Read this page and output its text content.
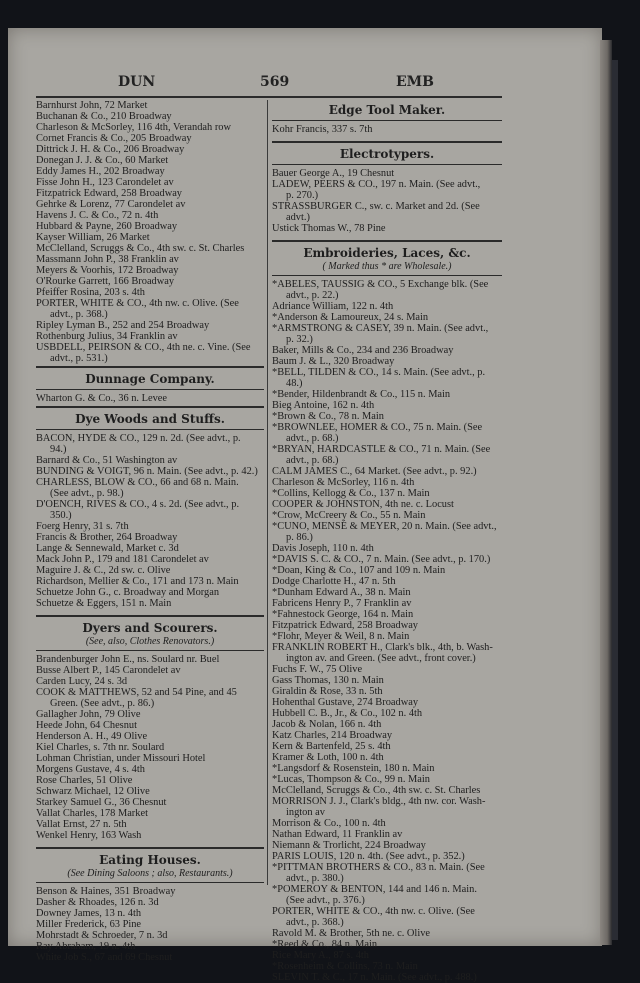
DUN	569	EMB
Barnhurst John, 72 Market
Buchanan & Co., 210 Broadway
Charleson & McSorley, 116 4th, Verandah row
Cornet Francis & Co., 205 Broadway
Dittrick J. H. & Co., 206 Broadway
Donegan J. J. & Co., 60 Market
Eddy James H., 202 Broadway
Fisse John H., 123 Carondelet av
Fitzpatrick Edward, 258 Broadway
Gehrke & Lorenz, 77 Carondelet av
Havens J. C. & Co., 72 n. 4th
Hubbard & Payne, 260 Broadway
Kayser William, 26 Market
McClelland, Scruggs & Co., 4th sw. c. St. Charles
Massmann John P., 38 Franklin av
Meyers & Voorhis, 172 Broadway
O'Rourke Garrett, 166 Broadway
Pfeiffer Rosina, 203 s. 4th
PORTER, WHITE & CO., 4th nw. c. Olive. (See
advt., p. 368.)
Ripley Lyman B., 252 and 254 Broadway
Rothenburg Julius, 34 Franklin av
USBDELL, PEIRSON & CO., 4th ne. c. Vine. (See
advt., p. 531.)
Dunnage Company.
Wharton G. & Co., 36 n. Levee
Dye Woods and Stuffs.
BACON, HYDE & CO., 129 n. 2d. (See advt., p.
94.)
Barnard & Co., 51 Washington av
BUNDING & VOIGT, 96 n. Main. (See advt., p. 42.)
CHARLESS, BLOW & CO., 66 and 68 n. Main.
(See advt., p. 98.)
D'OENCH, RIVES & CO., 4 s. 2d. (See advt., p.
350.)
Foerg Henry, 31 s. 7th
Francis & Brother, 264 Broadway
Lange & Sennewald, Market c. 3d
Mack John P., 179 and 181 Carondelet av
Maguire J. & C., 2d sw. c. Olive
Richardson, Mellier & Co., 171 and 173 n. Main
Schuetze John G., c. Broadway and Morgan
Schuetze & Eggers, 151 n. Main
Dyers and Scourers.
(See, also, Clothes Renovators.)
Brandenburger John E., ns. Soulard nr. Buel
Busse Albert P., 145 Carondelet av
Carden Lucy, 24 s. 3d
COOK & MATTHEWS, 52 and 54 Pine, and 45
Green. (See advt., p. 86.)
Gallagher John, 79 Olive
Heede John, 64 Chesnut
Henderson A. H., 49 Olive
Kiel Charles, s. 7th nr. Soulard
Lohman Christian, under Missouri Hotel
Morgens Gustave, 4 s. 4th
Rose Charles, 51 Olive
Schwarz Michael, 12 Olive
Starkey Samuel G., 36 Chesnut
Vallat Charles, 178 Market
Vallat Ernst, 27 n. 5th
Wenkel Henry, 163 Wash
Eating Houses.
(See Dining Saloons ; also, Restaurants.)
Benson & Haines, 351 Broadway
Dasher & Rhoades, 126 n. 3d
Downey James, 13 n. 4th
Miller Frederick, 63 Pine
Mohrstadt & Schroeder, 7 n. 3d
Ray Abraham, 19 n. 4th
White Job S., 67 and 69 Chesnut
Edge Tool Maker.
Kohr Francis, 337 s. 7th
Electrotypers.
Bauer George A., 19 Chesnut
LADEW, PEERS & CO., 197 n. Main. (See advt.,
p. 270.)
STRASSBURGER C., sw. c. Market and 2d. (See
advt.)
Ustick Thomas W., 78 Pine
Embroideries, Laces, &c.
( Marked thus * are Wholesale.)
*ABELES, TAUSSIG & CO., 5 Exchange blk. (See
advt., p. 22.)
Adriance William, 122 n. 4th
*Anderson & Lamoureux, 24 s. Main
*ARMSTRONG & CASEY, 39 n. Main. (See advt.,
p. 32.)
Baker, Mills & Co., 234 and 236 Broadway
Baum J. & L., 320 Broadway
*BELL, TILDEN & CO., 14 s. Main. (See advt., p.
48.)
*Bender, Hildenbrandt & Co., 115 n. Main
Bieg Antoine, 162 n. 4th
*Brown & Co., 78 n. Main
*BROWNLEE, HOMER & CO., 75 n. Main. (See
advt., p. 68.)
*BRYAN, HARDCASTLE & CO., 71 n. Main. (See
advt., p. 68.)
CALM JAMES C., 64 Market. (See advt., p. 92.)
Charleson & McSorley, 116 n. 4th
*Collins, Kellogg & Co., 137 n. Main
COOPER & JOHNSTON, 4th ne. c. Locust
*Crow, McCreery & Co., 55 n. Main
*CUNO, MENSÉ & MEYER, 20 n. Main. (See advt.,
p. 86.)
Davis Joseph, 110 n. 4th
*DAVIS S. C. & CO., 7 n. Main. (See advt., p. 170.)
*Doan, King & Co., 107 and 109 n. Main
Dodge Charlotte H., 47 n. 5th
*Dunham Edward A., 38 n. Main
Fabricens Henry P., 7 Franklin av
*Fahnestock George, 164 n. Main
Fitzpatrick Edward, 258 Broadway
*Flohr, Meyer & Weil, 8 n. Main
FRANKLIN ROBERT H., Clark's blk., 4th, b. Wash-
ington av. and Green. (See advt., front cover.)
Fuchs F. W., 75 Olive
Gass Thomas, 130 n. Main
Giraldin & Rose, 33 n. 5th
Hohenthal Gustave, 274 Broadway
Hubbell C. B., Jr., & Co., 102 n. 4th
Jacob & Nolan, 166 n. 4th
Katz Charles, 214 Broadway
Kern & Bartenfeld, 25 s. 4th
Kramer & Loth, 100 n. 4th
*Langsdorf & Rosenstein, 180 n. Main
*Lucas, Thompson & Co., 99 n. Main
McClelland, Scruggs & Co., 4th sw. c. St. Charles
MORRISON J. J., Clark's bldg., 4th nw. cor. Wash-
ington av
Morrison & Co., 100 n. 4th
Nathan Edward, 11 Franklin av
Niemann & Trorlicht, 224 Broadway
PARIS LOUIS, 120 n. 4th. (See advt., p. 352.)
*PITTMAN BROTHERS & CO., 83 n. Main. (See
advt., p. 380.)
*POMEROY & BENTON, 144 and 146 n. Main.
(See advt., p. 376.)
PORTER, WHITE & CO., 4th nw. c. Olive. (See
advt., p. 368.)
Ravold M. & Brother, 5th ne. c. Olive
*Reed & Co., 84 n. Main
Rice Mary A., 87 s. 4th
*Rosenheim & Collins, 73 n. Main
SLEVIN T. & C., 17 n. Main. (See advt., p. 488.)
